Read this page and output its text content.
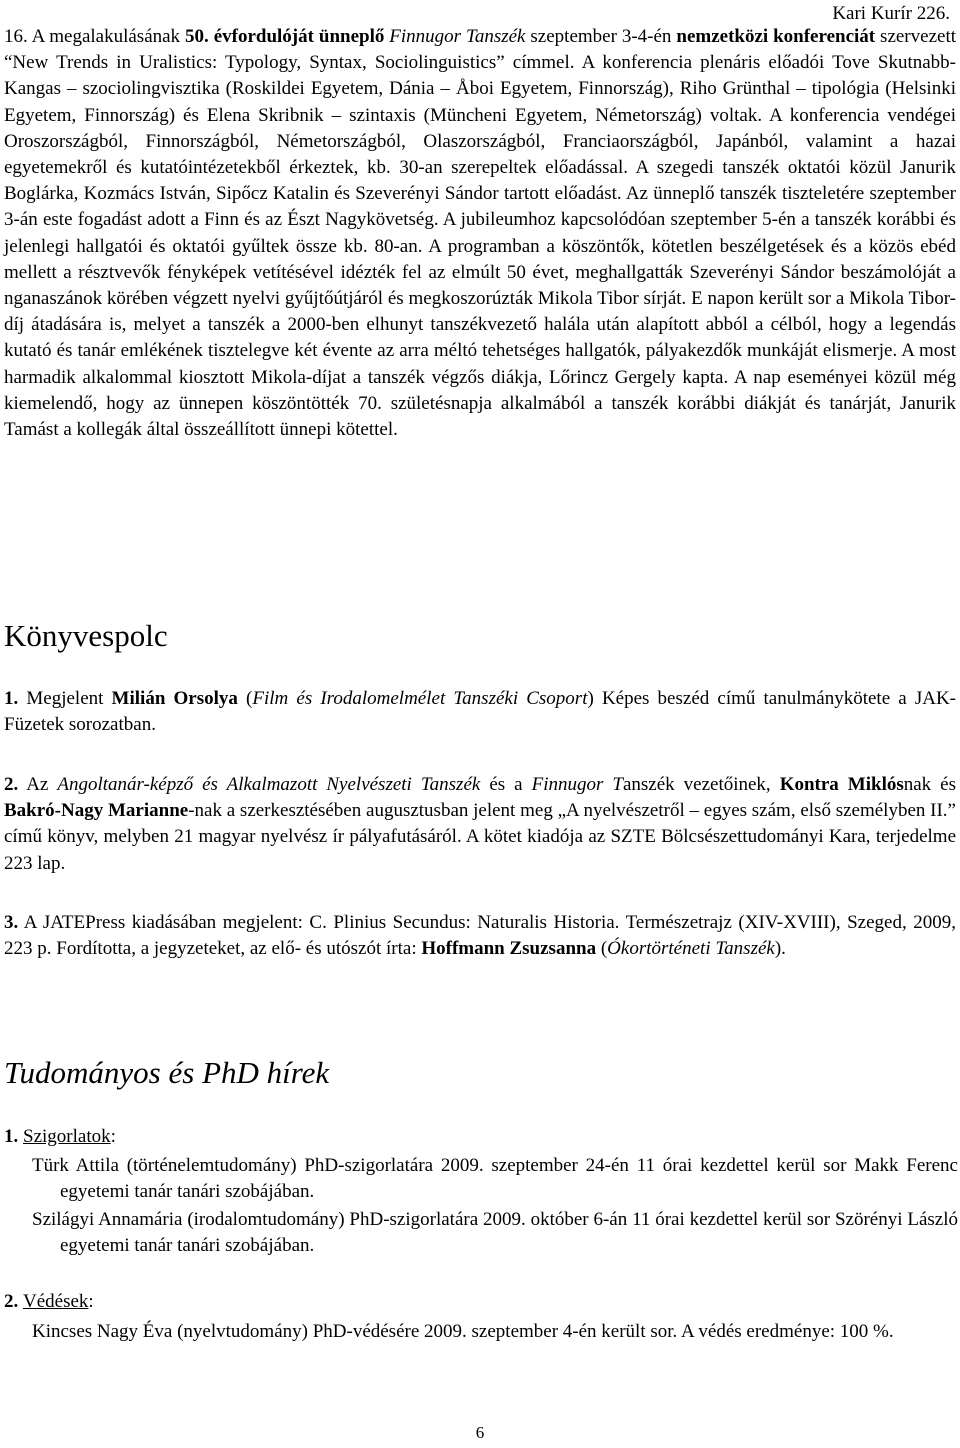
Kari Kurír 226.

16. A megalakulásának 50. évfordulóját ünneplő Finnugor Tanszék szeptember 3-4-én nemzetközi konferenciát szervezett “New Trends in Uralistics: Typology, Syntax, Sociolinguistics” címmel. A konferencia plenáris előadói Tove Skutnabb-Kangas – szociolingvisztika (Roskildei Egyetem, Dánia – Åboi Egyetem, Finnország), Riho Grünthal – tipológia (Helsinki Egyetem, Finnország) és Elena Skribnik – szintaxis (Müncheni Egyetem, Németország) voltak. A konferencia vendégei Oroszországból, Finnországból, Németországból, Olaszországból, Franciaországból, Japánból, valamint a hazai egyetemekről és kutatóintézetekből érkeztek, kb. 30-an szerepeltek előadással. A szegedi tanszék oktatói közül Janurik Boglárka, Kozmács István, Sipőcz Katalin és Szeverényi Sándor tartott előadást. Az ünneplő tanszék tiszteletére szeptember 3-án este fogadást adott a Finn és az Észt Nagykövetség. A jubileumhoz kapcsolódóan szeptember 5-én a tanszék korábbi és jelenlegi hallgatói és oktatói gyűltek össze kb. 80-an. A programban a köszöntők, kötetlen beszélgetések és a közös ebéd mellett a résztvevők fényképek vetítésével idézték fel az elmúlt 50 évet, meghallgatták Szeverényi Sándor beszámolóját a nganaszánok körében végzett nyelvi gyűjtőútjáról és megkoszorúzták Mikola Tibor sírját. E napon került sor a Mikola Tibor-díj átadására is, melyet a tanszék a 2000-ben elhunyt tanszékvezető halála után alapított abból a célból, hogy a legendás kutató és tanár emlékének tisztelegve két évente az arra méltó tehetséges hallgatók, pályakezdők munkáját elismerje. A most harmadik alkalommal kiosztott Mikola-díjat a tanszék végzős diákja, Lőrincz Gergely kapta. A nap eseményei közül még kiemelendő, hogy az ünnepen köszöntötték 70. születésnapja alkalmából a tanszék korábbi diákját és tanárját, Janurik Tamást a kollegák által összeállított ünnepi kötettel.

Könyvespolc

1. Megjelent Milián Orsolya (Film és Irodalomelmélet Tanszéki Csoport) Képes beszéd című tanulmánykötete a JAK-Füzetek sorozatban.

2. Az Angoltanár-képző és Alkalmazott Nyelvészeti Tanszék és a Finnugor Tanszék vezetőinek, Kontra Miklósnak és Bakró-Nagy Marianne-nak a szerkesztésében augusztusban jelent meg „A nyelvészetről – egyes szám, első személyben II.” című könyv, melyben 21 magyar nyelvész ír pályafutásáról. A kötet kiadója az SZTE Bölcsészettudományi Kara, terjedelme 223 lap.

3. A JATEPress kiadásában megjelent: C. Plinius Secundus: Naturalis Historia. Természetrajz (XIV-XVIII), Szeged, 2009, 223 p. Fordította, a jegyzeteket, az elő- és utószót írta: Hoffmann Zsuzsanna (Ókortörténeti Tanszék).

Tudományos és PhD hírek

1. Szigorlatok:

Türk Attila (történelemtudomány) PhD-szigorlatára 2009. szeptember 24-én 11 órai kezdettel kerül sor Makk Ferenc egyetemi tanár tanári szobájában.

Szilágyi Annamária (irodalomtudomány) PhD-szigorlatára 2009. október 6-án 11 órai kezdettel kerül sor Szörényi László egyetemi tanár tanári szobájában.

2. Védések:

Kincses Nagy Éva (nyelvtudomány) PhD-védésére 2009. szeptember 4-én került sor. A védés eredménye: 100 %.

6
